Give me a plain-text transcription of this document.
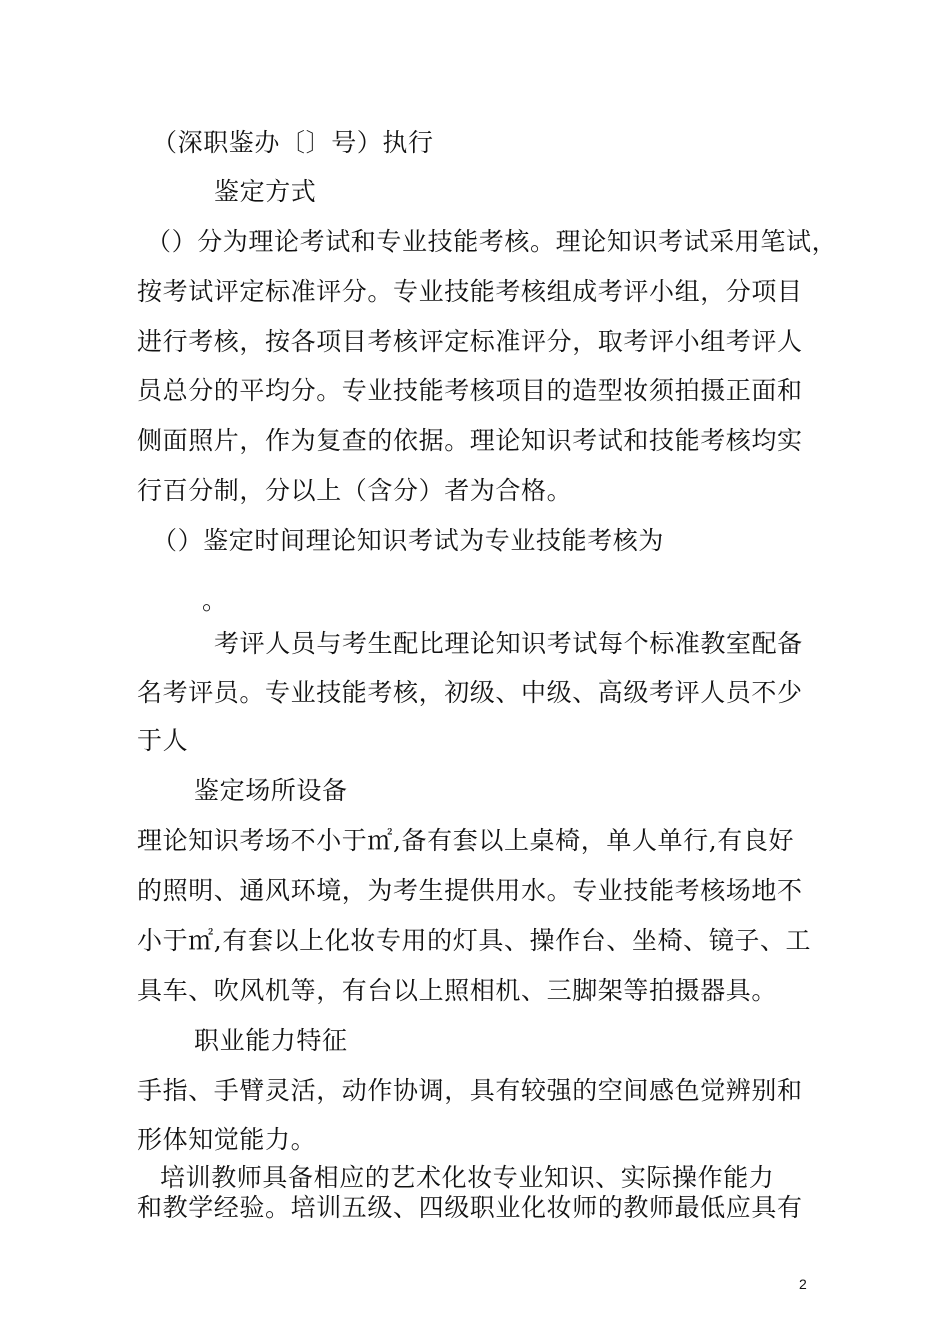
（深职鉴办〔〕号）执行
鉴定方式
（）分为理论考试和专业技能考核。理论知识考试采用笔试，
按考试评定标准评分。专业技能考核组成考评小组，分项目
进行考核，按各项目考核评定标准评分，取考评小组考评人
员总分的平均分。专业技能考核项目的造型妆须拍摄正面和
侧面照片，作为复查的依据。理论知识考试和技能考核均实
行百分制，分以上（含分）者为合格。
（）鉴定时间理论知识考试为专业技能考核为
。
考评人员与考生配比理论知识考试每个标准教室配备
名考评员。专业技能考核，初级、中级、高级考评人员不少
于人
鉴定场所设备
理论知识考场不小于㎡,备有套以上桌椅，单人单行,有良好
的照明、通风环境，为考生提供用水。专业技能考核场地不
小于㎡,有套以上化妆专用的灯具、操作台、坐椅、镜子、工
具车、吹风机等，有台以上照相机、三脚架等拍摄器具。
职业能力特征
手指、手臂灵活，动作协调，具有较强的空间感色觉辨别和
形体知觉能力。
培训教师具备相应的艺术化妆专业知识、实际操作能力
和教学经验。培训五级、四级职业化妆师的教师最低应具有
2
